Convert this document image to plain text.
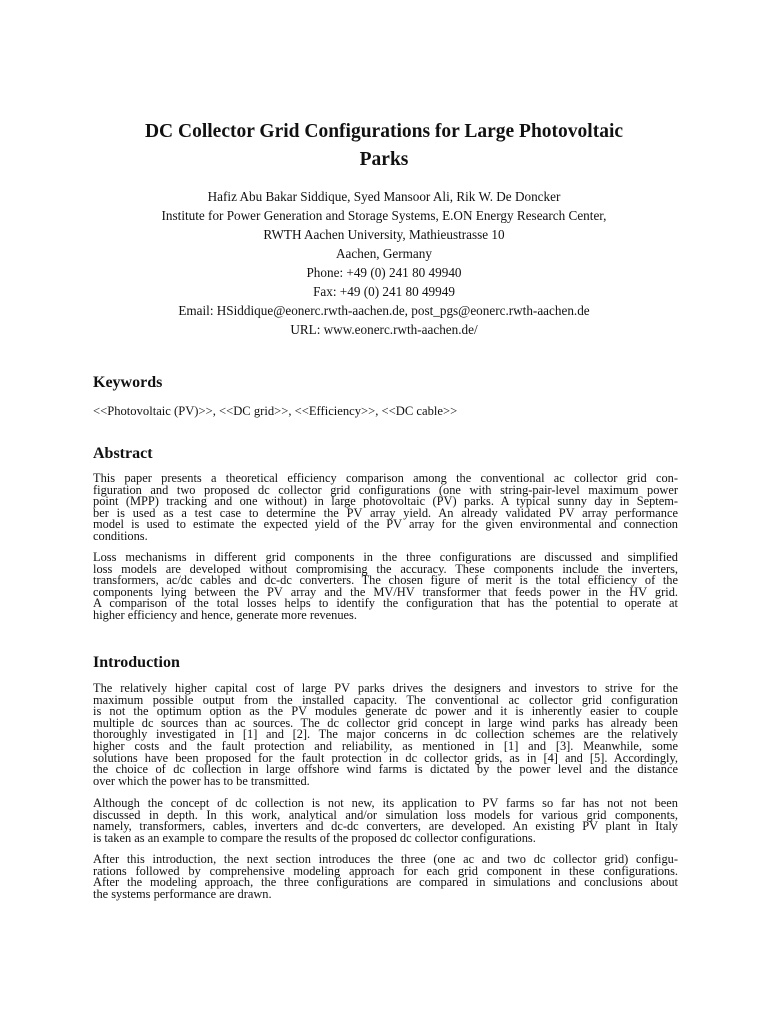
DC Collector Grid Configurations for Large Photovoltaic
Parks
Hafiz Abu Bakar Siddique, Syed Mansoor Ali, Rik W. De Doncker
Institute for Power Generation and Storage Systems, E.ON Energy Research Center,
RWTH Aachen University, Mathieustrasse 10
Aachen, Germany
Phone: +49 (0) 241 80 49940
Fax: +49 (0) 241 80 49949
Email: HSiddique@eonerc.rwth-aachen.de, post_pgs@eonerc.rwth-aachen.de
URL: www.eonerc.rwth-aachen.de/
Keywords
<<Photovoltaic (PV)>>, <<DC grid>>, <<Efficiency>>, <<DC cable>>
Abstract
This paper presents a theoretical efficiency comparison among the conventional ac collector grid con-
figuration and two proposed dc collector grid configurations (one with string-pair-level maximum power
point (MPP) tracking and one without) in large photovoltaic (PV) parks. A typical sunny day in Septem-
ber is used as a test case to determine the PV array yield. An already validated PV array performance
model is used to estimate the expected yield of the PV array for the given environmental and connection
conditions.
Loss mechanisms in different grid components in the three configurations are discussed and simplified
loss models are developed without compromising the accuracy. These components include the inverters,
transformers, ac/dc cables and dc-dc converters. The chosen figure of merit is the total efficiency of the
components lying between the PV array and the MV/HV transformer that feeds power in the HV grid.
A comparison of the total losses helps to identify the configuration that has the potential to operate at
higher efficiency and hence, generate more revenues.
Introduction
The relatively higher capital cost of large PV parks drives the designers and investors to strive for the
maximum possible output from the installed capacity. The conventional ac collector grid configuration
is not the optimum option as the PV modules generate dc power and it is inherently easier to couple
multiple dc sources than ac sources. The dc collector grid concept in large wind parks has already been
thoroughly investigated in [1] and [2]. The major concerns in dc collection schemes are the relatively
higher costs and the fault protection and reliability, as mentioned in [1] and [3]. Meanwhile, some
solutions have been proposed for the fault protection in dc collector grids, as in [4] and [5]. Accordingly,
the choice of dc collection in large offshore wind farms is dictated by the power level and the distance
over which the power has to be transmitted.
Although the concept of dc collection is not new, its application to PV farms so far has not not been
discussed in depth. In this work, analytical and/or simulation loss models for various grid components,
namely, transformers, cables, inverters and dc-dc converters, are developed. An existing PV plant in Italy
is taken as an example to compare the results of the proposed dc collector configurations.
After this introduction, the next section introduces the three (one ac and two dc collector grid) configu-
rations followed by comprehensive modeling approach for each grid component in these configurations.
After the modeling approach, the three configurations are compared in simulations and conclusions about
the systems performance are drawn.
